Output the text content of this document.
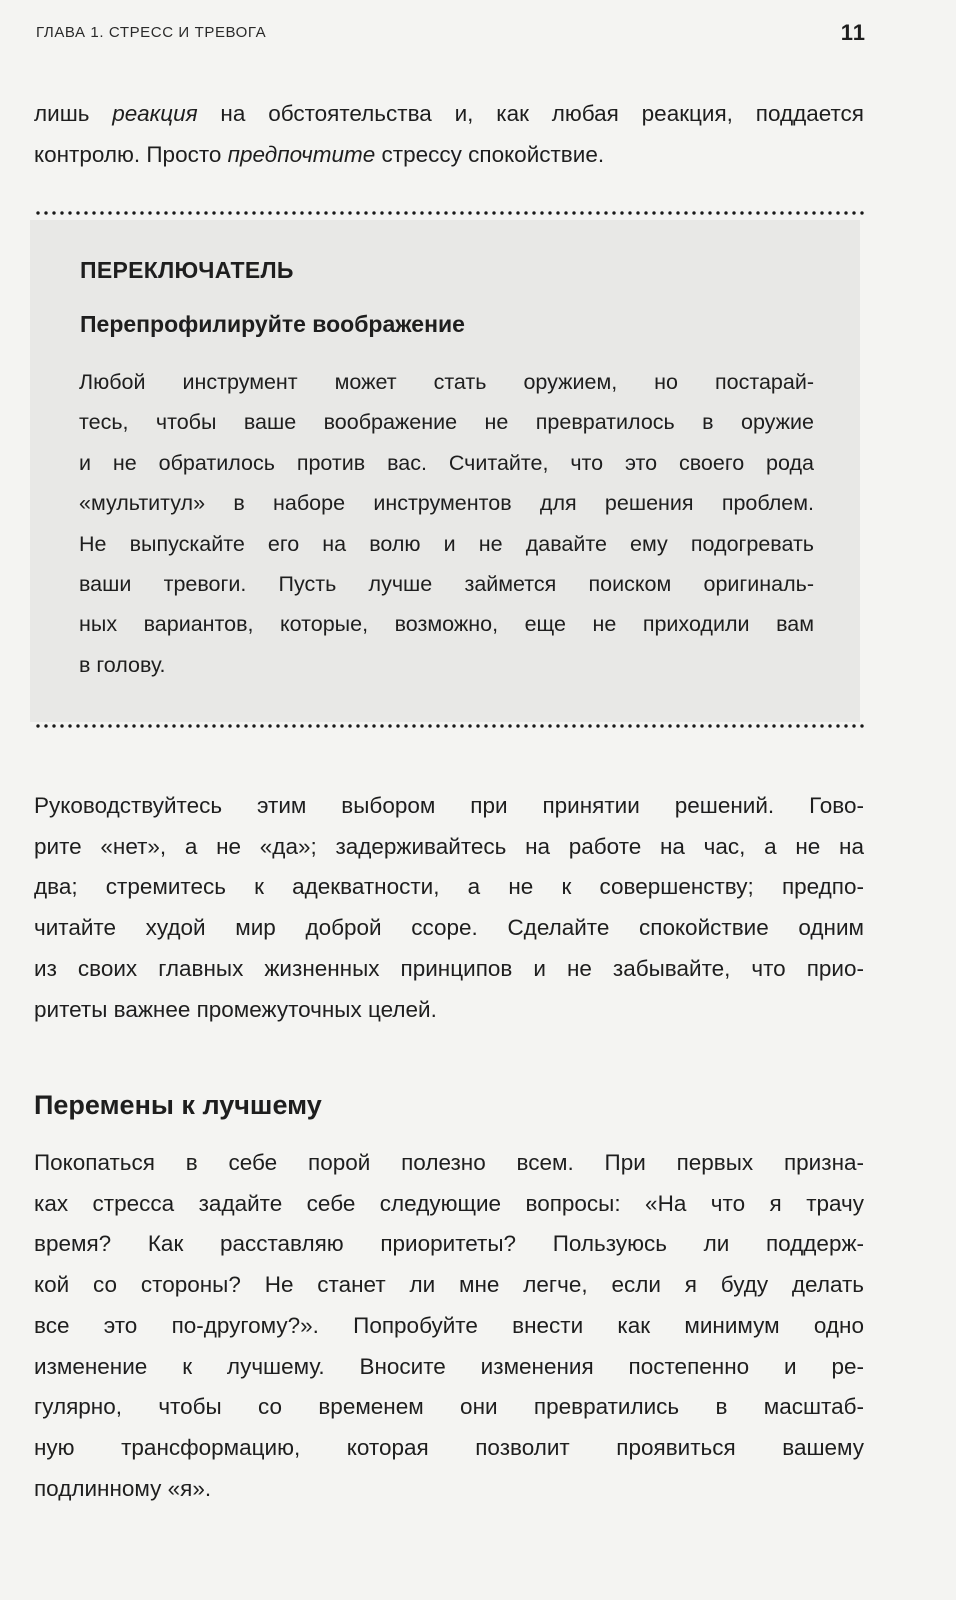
ГЛАВА 1. СТРЕСС И ТРЕВОГА	11

лишь реакция на обстоятельства и, как любая реакция, поддается
контролю. Просто предпочтите стрессу спокойствие.

ПЕРЕКЛЮЧАТЕЛЬ
Перепрофилируйте воображение

Любой инструмент может стать оружием, но постарай-
тесь, чтобы ваше воображение не превратилось в оружие
и не обратилось против вас. Считайте, что это своего рода
«мультитул» в наборе инструментов для решения проблем.
Не выпускайте его на волю и не давайте ему подогревать
ваши тревоги. Пусть лучше займется поиском оригиналь-
ных вариантов, которые, возможно, еще не приходили вам
в голову.

Руководствуйтесь этим выбором при принятии решений. Гово-
рите «нет», а не «да»; задерживайтесь на работе на час, а не на
два; стремитесь к адекватности, а не к совершенству; предпо-
читайте худой мир доброй ссоре. Сделайте спокойствие одним
из своих главных жизненных принципов и не забывайте, что прио-
ритеты важнее промежуточных целей.

Перемены к лучшему

Покопаться в себе порой полезно всем. При первых призна-
ках стресса задайте себе следующие вопросы: «На что я трачу
время? Как расставляю приоритеты? Пользуюсь ли поддерж-
кой со стороны? Не станет ли мне легче, если я буду делать
все это по-другому?». Попробуйте внести как минимум одно
изменение к лучшему. Вносите изменения постепенно и ре-
гулярно, чтобы со временем они превратились в масштаб-
ную трансформацию, которая позволит проявиться вашему
подлинному «я».
